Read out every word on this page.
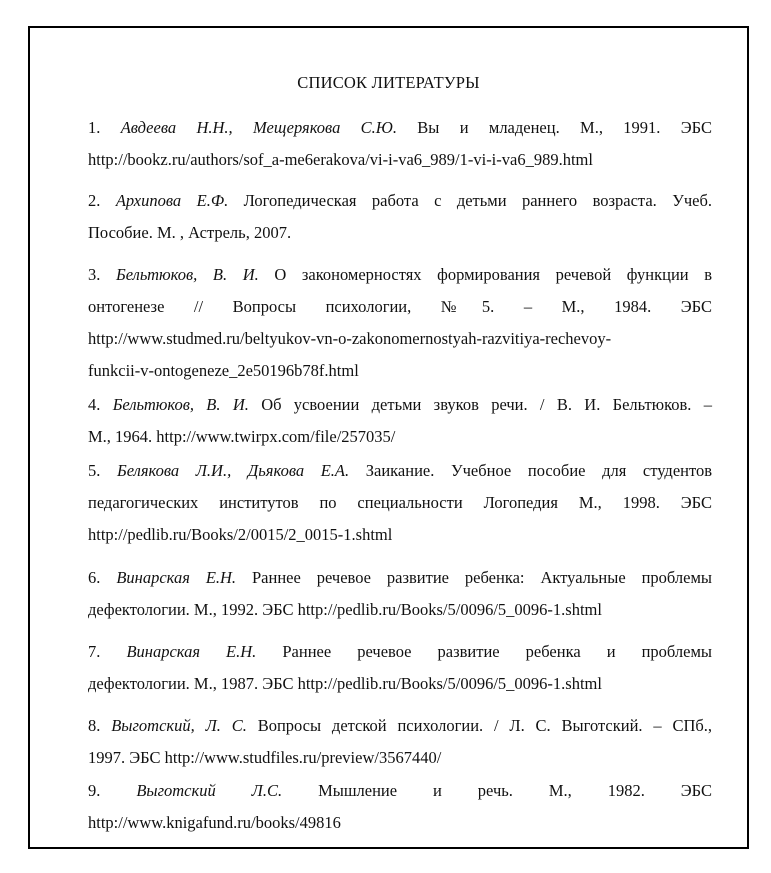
СПИСОК ЛИТЕРАТУРЫ
1. Авдеева Н.Н., Мещерякова С.Ю. Вы и младенец. М., 1991. ЭБС
http://bookz.ru/authors/sof_a-me6erakova/vi-i-va6_989/1-vi-i-va6_989.html
2. Архипова Е.Ф. Логопедическая работа с детьми раннего возраста. Учеб.
Пособие. М. , Астрель, 2007.
3. Бельтюков, В. И. О закономерностях формирования речевой функции в
онтогенезе // Вопросы психологии, №5. – М., 1984. ЭБС
http://www.studmed.ru/beltyukov-vn-o-zakonomernostyah-razvitiya-rechevoy-
funkcii-v-ontogeneze_2e50196b78f.html
4. Бельтюков, В. И. Об усвоении детьми звуков речи. / В. И. Бельтюков. –
М., 1964. http://www.twirpx.com/file/257035/
5. Белякова Л.И., Дьякова Е.А. Заикание. Учебное пособие для студентов
педагогических институтов по специальности Логопедия М., 1998. ЭБС
http://pedlib.ru/Books/2/0015/2_0015-1.shtml
6. Винарская Е.Н. Раннее речевое развитие ребенка: Актуальные проблемы
дефектологии. М., 1992. ЭБС http://pedlib.ru/Books/5/0096/5_0096-1.shtml
7. Винарская Е.Н. Раннее речевое развитие ребенка и проблемы
дефектологии. М., 1987. ЭБС http://pedlib.ru/Books/5/0096/5_0096-1.shtml
8. Выготский, Л. С. Вопросы детской психологии. / Л. С. Выготский. – СПб.,
1997. ЭБС http://www.studfiles.ru/preview/3567440/
9. Выготский Л.С. Мышление и речь. М., 1982. ЭБС
http://www.knigafund.ru/books/49816
